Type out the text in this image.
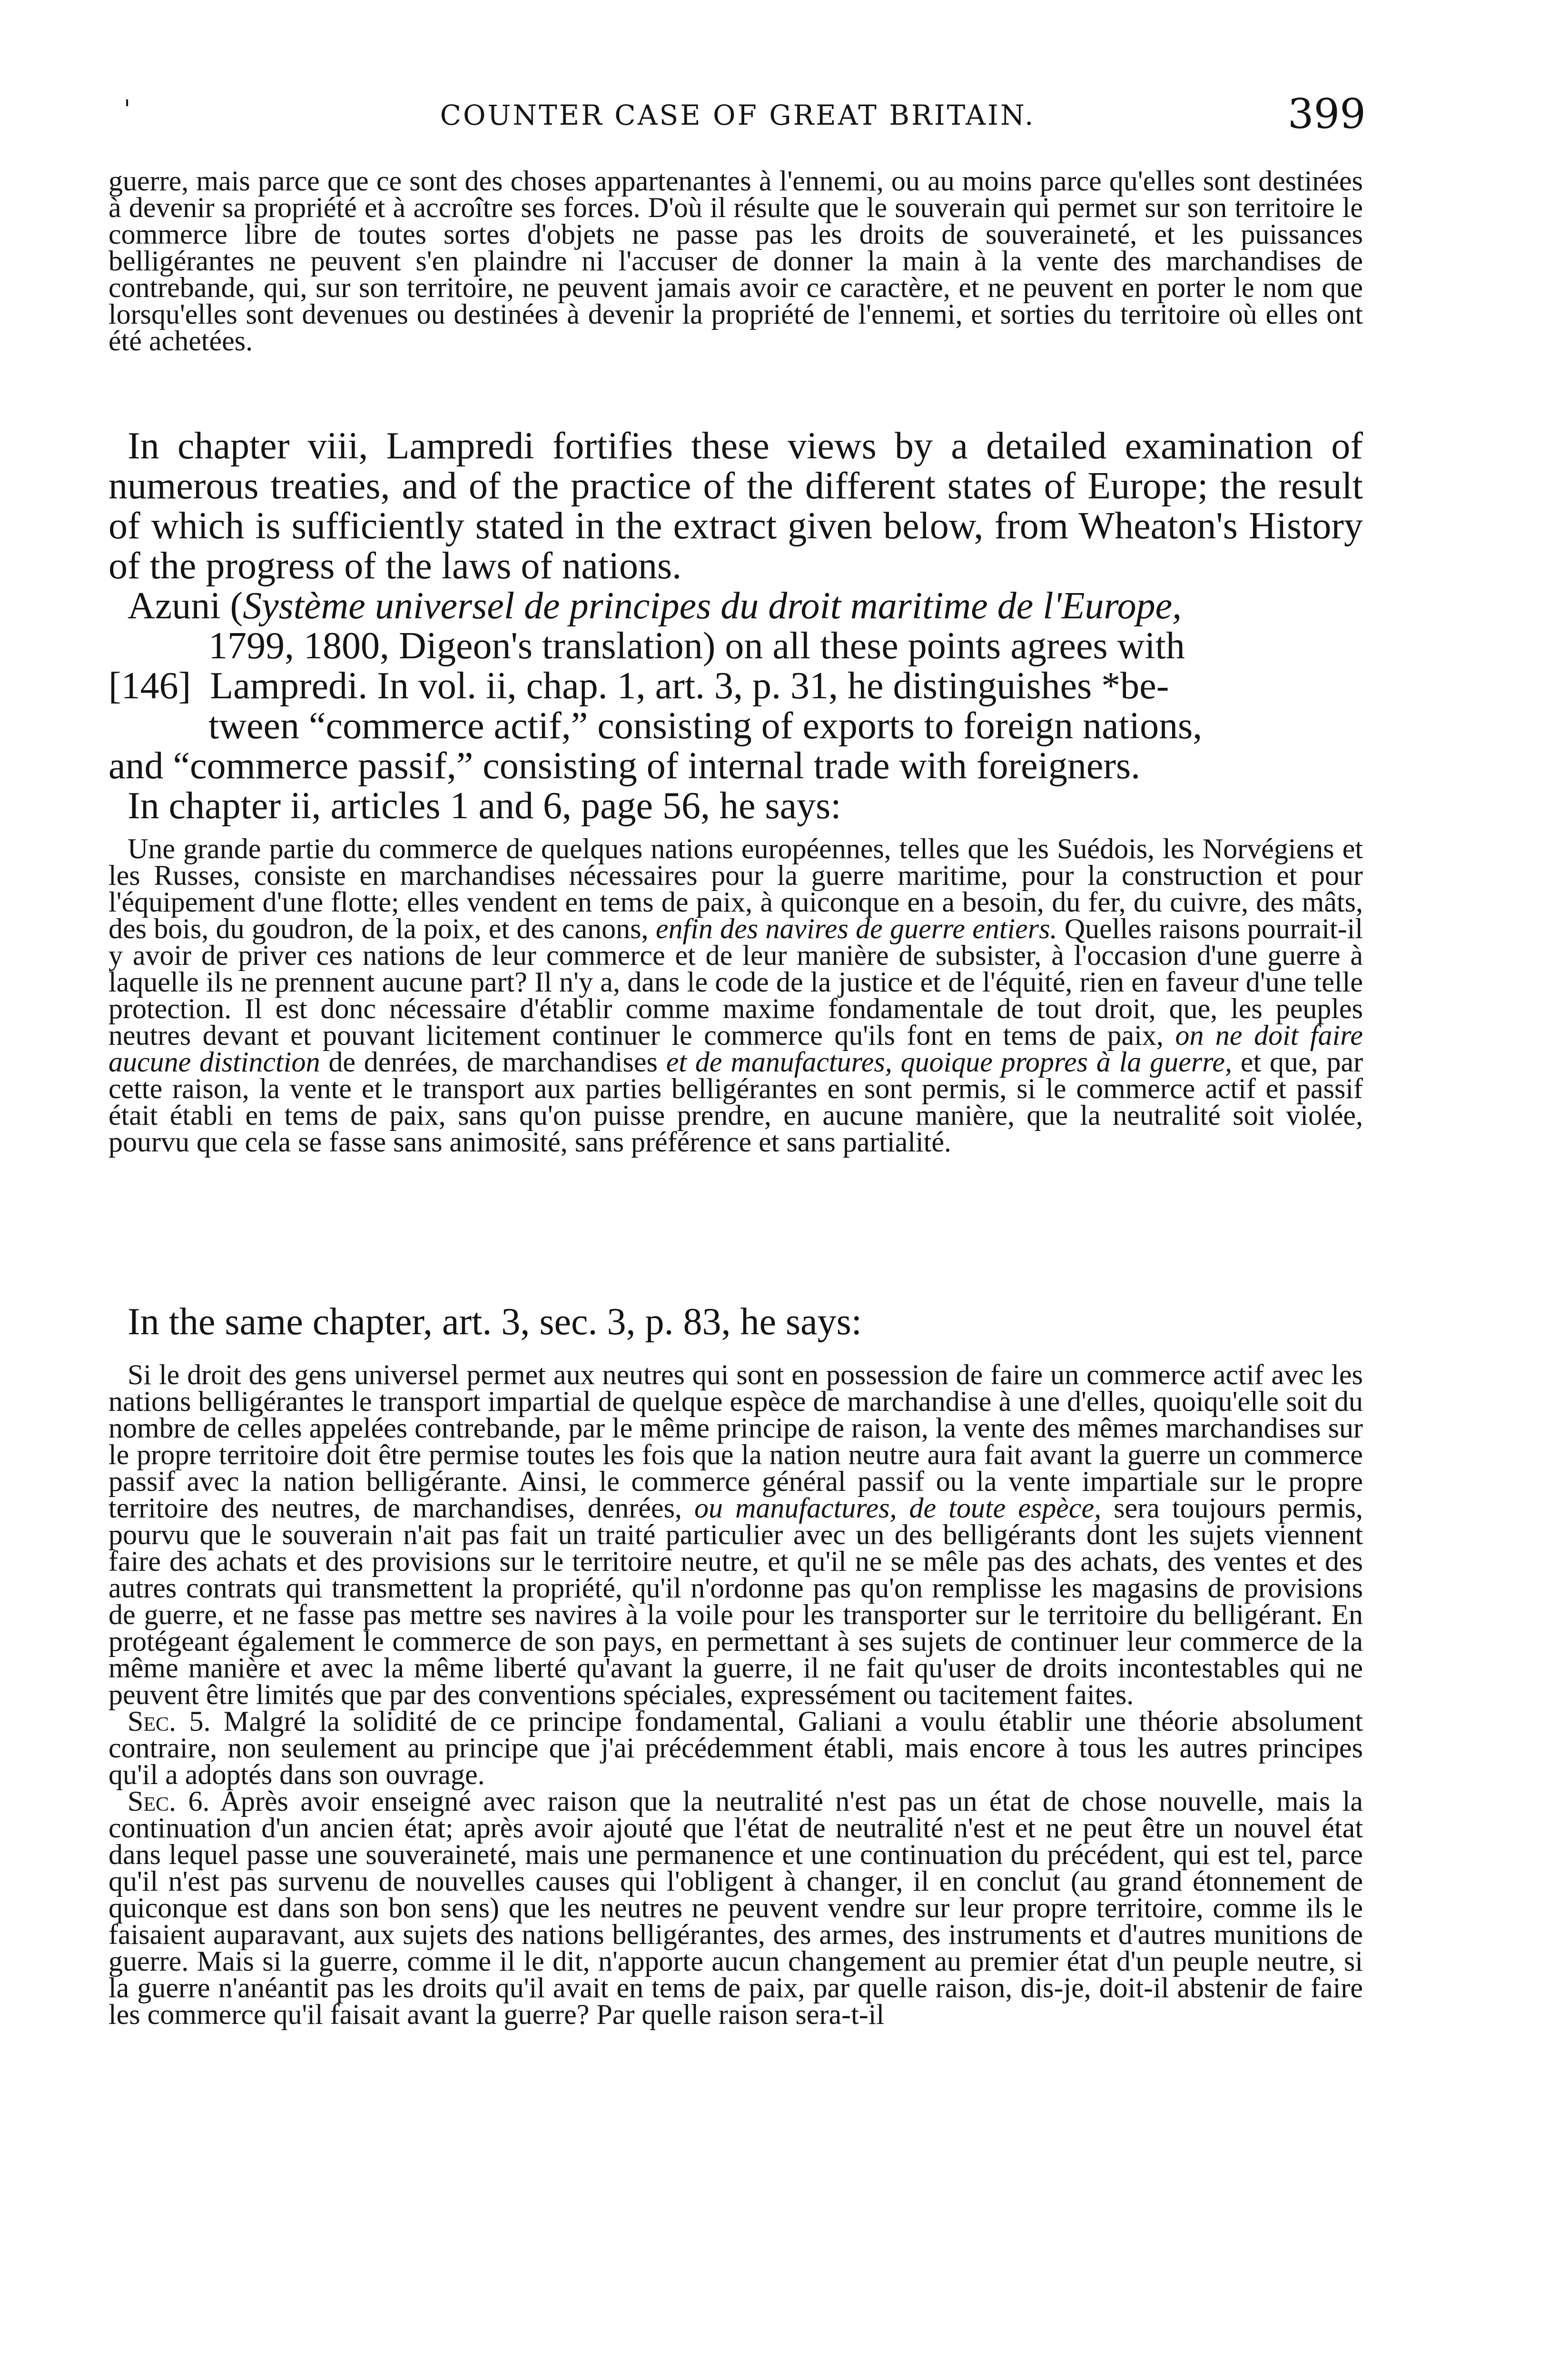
'	COUNTER CASE OF GREAT BRITAIN.	399

guerre, mais parce que ce sont des choses appartenantes à l'ennemi, ou au moins parce qu'elles sont destinées à devenir sa propriété et à accroître ses forces. D'où il résulte que le souverain qui permet sur son territoire le commerce libre de toutes sortes d'objets ne passe pas les droits de souveraineté, et les puissances belligérantes ne peuvent s'en plaindre ni l'accuser de donner la main à la vente des marchandises de contrebande, qui, sur son territoire, ne peuvent jamais avoir ce caractère, et ne peuvent en porter le nom que lorsqu'elles sont devenues ou destinées à devenir la propriété de l'ennemi, et sorties du territoire où elles ont été achetées.

In chapter viii, Lampredi fortifies these views by a detailed examination of numerous treaties, and of the practice of the different states of Europe; the result of which is sufficiently stated in the extract given below, from Wheaton's History of the progress of the laws of nations.

Azuni (Système universel de principes du droit maritime de l'Europe,

1799, 1800, Digeon's translation) on all these points agrees with

[146] Lampredi. In vol. ii, chap. 1, art. 3, p. 31, he distinguishes *be-

tween “commerce actif,” consisting of exports to foreign nations,

and “commerce passif,” consisting of internal trade with foreigners.

In chapter ii, articles 1 and 6, page 56, he says:

Une grande partie du commerce de quelques nations européennes, telles que les Suédois, les Norvégiens et les Russes, consiste en marchandises nécessaires pour la guerre maritime, pour la construction et pour l'équipement d'une flotte; elles vendent en tems de paix, à quiconque en a besoin, du fer, du cuivre, des mâts, des bois, du goudron, de la poix, et des canons, enfin des navires de guerre entiers. Quelles raisons pourrait-il y avoir de priver ces nations de leur commerce et de leur manière de subsister, à l'occasion d'une guerre à laquelle ils ne prennent aucune part? Il n'y a, dans le code de la justice et de l'équité, rien en faveur d'une telle protection. Il est donc nécessaire d'établir comme maxime fondamentale de tout droit, que, les peuples neutres devant et pouvant licitement continuer le commerce qu'ils font en tems de paix, on ne doit faire aucune distinction de denrées, de marchandises et de manufactures, quoique propres à la guerre, et que, par cette raison, la vente et le transport aux parties belligérantes en sont permis, si le commerce actif et passif était établi en tems de paix, sans qu'on puisse prendre, en aucune manière, que la neutralité soit violée, pourvu que cela se fasse sans animosité, sans préférence et sans partialité.

In the same chapter, art. 3, sec. 3, p. 83, he says:

Si le droit des gens universel permet aux neutres qui sont en possession de faire un commerce actif avec les nations belligérantes le transport impartial de quelque espèce de marchandise à une d'elles, quoiqu'elle soit du nombre de celles appelées contrebande, par le même principe de raison, la vente des mêmes marchandises sur le propre territoire doit être permise toutes les fois que la nation neutre aura fait avant la guerre un commerce passif avec la nation belligérante. Ainsi, le commerce général passif ou la vente impartiale sur le propre territoire des neutres, de marchandises, denrées, ou manufactures, de toute espèce, sera toujours permis, pourvu que le souverain n'ait pas fait un traité particulier avec un des belligérants dont les sujets viennent faire des achats et des provisions sur le territoire neutre, et qu'il ne se mêle pas des achats, des ventes et des autres contrats qui transmettent la propriété, qu'il n'ordonne pas qu'on remplisse les magasins de provisions de guerre, et ne fasse pas mettre ses navires à la voile pour les transporter sur le territoire du belligérant. En protégeant également le commerce de son pays, en permettant à ses sujets de continuer leur commerce de la même manière et avec la même liberté qu'avant la guerre, il ne fait qu'user de droits incontestables qui ne peuvent être limités que par des conventions spéciales, expressément ou tacitement faites.

Sec. 5. Malgré la solidité de ce principe fondamental, Galiani a voulu établir une théorie absolument contraire, non seulement au principe que j'ai précédemment établi, mais encore à tous les autres principes qu'il a adoptés dans son ouvrage.

Sec. 6. Après avoir enseigné avec raison que la neutralité n'est pas un état de chose nouvelle, mais la continuation d'un ancien état; après avoir ajouté que l'état de neutralité n'est et ne peut être un nouvel état dans lequel passe une souveraineté, mais une permanence et une continuation du précédent, qui est tel, parce qu'il n'est pas survenu de nouvelles causes qui l'obligent à changer, il en conclut (au grand étonnement de quiconque est dans son bon sens) que les neutres ne peuvent vendre sur leur propre territoire, comme ils le faisaient auparavant, aux sujets des nations belligérantes, des armes, des instruments et d'autres munitions de guerre. Mais si la guerre, comme il le dit, n'apporte aucun changement au premier état d'un peuple neutre, si la guerre n'anéantit pas les droits qu'il avait en tems de paix, par quelle raison, dis-je, doit-il abstenir de faire les commerce qu'il faisait avant la guerre? Par quelle raison sera-t-il
